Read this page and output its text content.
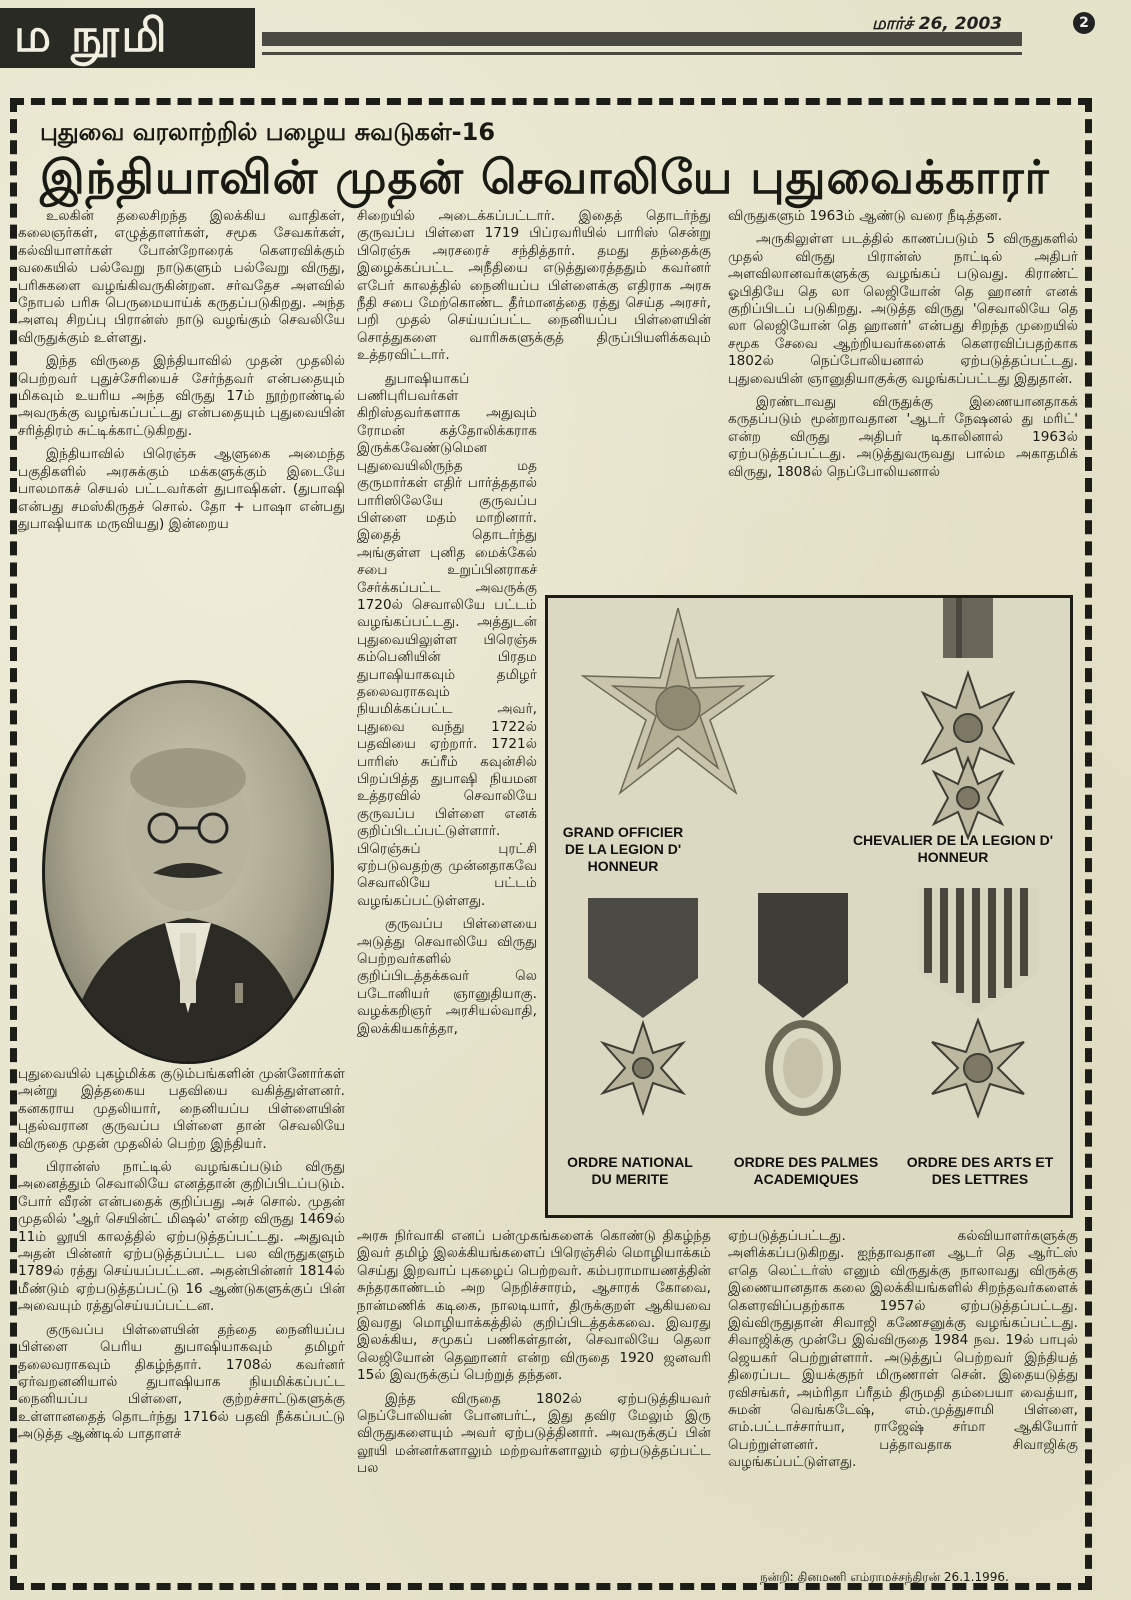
ம நூமி	மார்ச் 26, 2003	2
புதுவை வரலாற்றில் பழைய சுவடுகள்-16
இந்தியாவின் முதன் செவாலியே புதுவைக்காரர்

உலகின் தலைசிறந்த இலக்கிய வாதிகள், கலைஞர்கள், எழுத்தாளர்கள், சமூக சேவகர்கள், கல்வியாளர்கள் போன்றோரைக் கௌரவிக்கும் வகையில் பல்வேறு நாடுகளும் பல்வேறு விருது, பரிசுகளை வழங்கிவருகின்றன. சர்வதேச அளவில் நோபல் பரிசு பெருமையாய்க் கருதப்படுகிறது. அந்த அளவு சிறப்பு பிரான்ஸ் நாடு வழங்கும் செவலியே விருதுக்கும் உள்ளது.

இந்த விருதை இந்தியாவில் முதன் முதலில் பெற்றவர் புதுச்சேரியைச் சேர்ந்தவர் என்பதையும் மிகவும் உயரிய அந்த விருது 17ம் நூற்றாண்டில் அவருக்கு வழங்கப்பட்டது என்பதையும் புதுவையின் சரித்திரம் சுட்டிக்காட்டுகிறது.

இந்தியாவில் பிரெஞ்சு ஆளுகை அமைந்த பகுதிகளில் அரசுக்கும் மக்களுக்கும் இடையே பாலமாகச் செயல் பட்டவர்கள் துபாஷிகள். (துபாஷி என்பது சமஸ்கிருதச் சொல். தோ + பாஷா என்பது துபாஷியாக மருவியது) இன்றைய

புதுவையில் புகழ்மிக்க குடும்பங்களின் முன்னோர்கள் அன்று இத்தகைய பதவியை வகித்துள்ளனர். கனகராய முதலியார், நைனியப்ப பிள்ளையின் புதல்வரான குருவப்ப பிள்ளை தான் செவலியே விருதை முதன் முதலில் பெற்ற இந்தியர்.

பிரான்ஸ் நாட்டில் வழங்கப்படும் விருது அனைத்தும் செவாலியே எனத்தான் குறிப்பிடப்படும். போர் வீரன் என்பதைக் குறிப்பது அச் சொல். முதன் முதலில் 'ஆர் செயின்ட் மிஷல்' என்ற விருது 1469ல் 11ம் லூயி காலத்தில் ஏற்படுத்தப்பட்டது. அதுவும் அதன் பின்னர் ஏற்படுத்தப்பட்ட பல விருதுகளும் 1789ல் ரத்து செய்யப்பட்டன. அதன்பின்னர் 1814ல் மீண்டும் ஏற்படுத்தப்பட்டு 16 ஆண்டுகளுக்குப் பின் அவையும் ரத்துசெய்யப்பட்டன.

குருவப்ப பிள்ளையின் தந்தை நைனியப்ப பிள்ளை பெரிய துபாஷியாகவும் தமிழர் தலைவராகவும் திகழ்ந்தார். 1708ல் கவர்னர் ஏர்வறனனியால் துபாஷியாக நியமிக்கப்பட்ட நைனியப்ப பிள்ளை, குற்றச்சாட்டுகளுக்கு உள்ளானதைத் தொடர்ந்து 1716ல் பதவி நீக்கப்பட்டு அடுத்த ஆண்டில் பாதாளச்

சிறையில் அடைக்கப்பட்டார். இதைத் தொடர்ந்து குருவப்ப பிள்ளை 1719 பிப்ரவரியில் பாரிஸ் சென்று பிரெஞ்சு அரசரைச் சந்தித்தார். தமது தந்தைக்கு இழைக்கப்பட்ட அநீதியை எடுத்துரைத்ததும் கவர்னர் எபேர் காலத்தில் நைனியப்ப பிள்ளைக்கு எதிராக அரசு நீதி சபை மேற்கொண்ட தீர்மானத்தை ரத்து செய்த அரசர், பறி முதல் செய்யப்பட்ட நைனியப்ப பிள்ளையின் சொத்துகளை வாரிசுகளுக்குத் திருப்பியளிக்கவும் உத்தரவிட்டார்.

துபாஷியாகப் பணிபுரிபவர்கள் கிறிஸ்தவர்களாக அதுவும் ரோமன் கத்தோலிக்கராக இருக்கவேண்டுமென புதுவையிலிருந்த மத குருமார்கள் எதிர் பார்த்ததால் பாரிஸிலேயே குருவப்ப பிள்ளை மதம் மாறினார். இதைத் தொடர்ந்து அங்குள்ள புனித மைக்கேல் சபை உறுப்பினராகச் சேர்க்கப்பட்ட அவருக்கு 1720ல் செவாலியே பட்டம் வழங்கப்பட்டது. அத்துடன் புதுவையிலுள்ள பிரெஞ்சு கம்பெனியின் பிரதம துபாஷியாகவும் தமிழர் தலைவராகவும் நியமிக்கப்பட்ட அவர், புதுவை வந்து 1722ல் பதவியை ஏற்றார். 1721ல் பாரிஸ் சுப்ரீம் கவுன்சில் பிறப்பித்த துபாஷி நியமன உத்தரவில் செவாலியே குருவப்ப பிள்ளை எனக் குறிப்பிடப்பட்டுள்ளார். பிரெஞ்சுப் புரட்சி ஏற்படுவதற்கு முன்னதாகவே செவாலியே பட்டம் வழங்கப்பட்டுள்ளது.

குருவப்ப பிள்ளையை அடுத்து செவாலியே விருது பெற்றவர்களில் குறிப்பிடத்தக்கவர் லெ படோனியர் ஞானுதியாகு. வழக்கறிஞர் அரசியல்வாதி, இலக்கியகர்த்தா,

அரசு நிர்வாகி எனப் பன்முகங்களைக் கொண்டு திகழ்ந்த இவர் தமிழ் இலக்கியங்களைப் பிரெஞ்சில் மொழியாக்கம் செய்து இறவாப் புகழைப் பெற்றவர். கம்பராமாயணத்தின் சுந்தரகாண்டம் அற நெறிச்சாரம், ஆசாரக் கோவை, நான்மணிக் கடிகை, நாலடியார், திருக்குறள் ஆகியவை இவரது மொழியாக்கத்தில் குறிப்பிடத்தக்கவை. இவரது இலக்கிய, சமுகப் பணிகள்தான், செவாலியே தெலா லெஜியோன் தெஹானர் என்ற விருதை 1920 ஜனவரி 15ல் இவருக்குப் பெற்றுத் தந்தன.

இந்த விருதை 1802ல் ஏற்படுத்தியவர் நெப்போலியன் போனபர்ட், இது தவிர மேலும் இரு விருதுகளையும் அவர் ஏற்படுத்தினார். அவருக்குப் பின் லூயி மன்னர்களாலும் மற்றவர்களாலும் ஏற்படுத்தப்பட்ட பல

விருதுகளும் 1963ம் ஆண்டு வரை நீடித்தன.

அருகிலுள்ள படத்தில் காணப்படும் 5 விருதுகளில் முதல் விருது பிரான்ஸ் நாட்டில் அதிபர் அளவிலானவர்களுக்கு வழங்கப் படுவது. கிராண்ட் ஓபிதியே தெ லா லெஜியோன் தெ ஹானர் எனக் குறிப்பிடப் படுகிறது. அடுத்த விருது 'செவாலியே தெ லா லெஜியோன் தெ ஹானர்' என்பது சிறந்த முறையில் சமூக சேவை ஆற்றியவர்களைக் கௌரவிப்பதற்காக 1802ல் நெப்போலியனால் ஏற்படுத்தப்பட்டது. புதுவையின் ஞானுதியாகுக்கு வழங்கப்பட்டது இதுதான்.

இரண்டாவது விருதுக்கு இணையானதாகக் கருதப்படும் மூன்றாவதான 'ஆடர் நேஷனல் து மரிட்' என்ற விருது அதிபர் டிகாலினால் 1963ல் ஏற்படுத்தப்பட்டது. அடுத்துவருவது பால்ம அகாதமிக் விருது, 1808ல் நெப்போலியனால்

ஏற்படுத்தப்பட்டது. கல்வியாளர்களுக்கு அளிக்கப்படுகிறது. ஐந்தாவதான ஆடர் தெ ஆர்ட்ஸ் எதெ லெட்டர்ஸ் எனும் விருதுக்கு நாலாவது விருக்கு இணையானதாக கலை இலக்கியங்களில் சிறந்தவர்களைக் கௌரவிப்பதற்காக 1957ல் ஏற்படுத்தப்பட்டது. இவ்விருதுதான் சிவாஜி கணேசனுக்கு வழங்கப்பட்டது. சிவாஜிக்கு முன்பே இவ்விருதை 1984 நவ. 19ல் பாபுல் ஜெயகர் பெற்றுள்ளார். அடுத்துப் பெற்றவர் இந்தியத் திரைப்பட இயக்குநர் மிருணாள் சென். இதையடுத்து ரவிசங்கர், அம்ரிதா ப்ரீதம் திருமதி தம்பையா வைத்யா, சுமன் வெங்கடேஷ், எம்.முத்துசாமி பிள்ளை, எம்.பட்டாச்சார்யா, ராஜேஷ் சர்மா ஆகியோர் பெற்றுள்ளனர். பத்தாவதாக சிவாஜிக்கு வழங்கப்பட்டுள்ளது.

GRAND OFFICIER DE LA LEGION D' HONNEUR
CHEVALIER DE LA LEGION D' HONNEUR
ORDRE NATIONAL DU MERITE
ORDRE DES PALMES ACADEMIQUES
ORDRE DES ARTS ET DES LETTRES
நன்றி: தினமணி எம்ராமச்சந்திரன் 26.1.1996.
